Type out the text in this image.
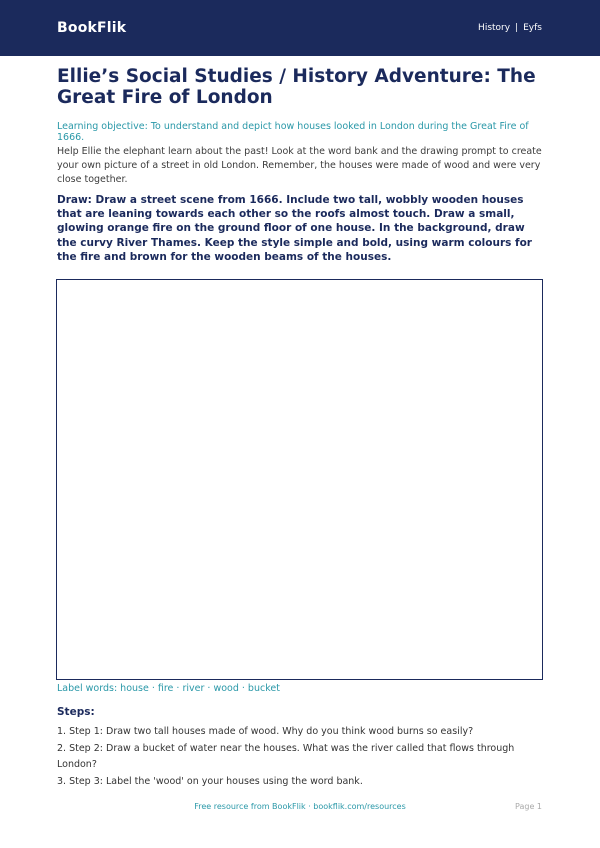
BookFlik	History | Eyfs
Ellie’s Social Studies / History Adventure: The Great Fire of London
Learning objective: To understand and depict how houses looked in London during the Great Fire of 1666.
Help Ellie the elephant learn about the past! Look at the word bank and the drawing prompt to create your own picture of a street in old London. Remember, the houses were made of wood and were very close together.
Draw: Draw a street scene from 1666. Include two tall, wobbly wooden houses that are leaning towards each other so the roofs almost touch. Draw a small, glowing orange fire on the ground floor of one house. In the background, draw the curvy River Thames. Keep the style simple and bold, using warm colours for the fire and brown for the wooden beams of the houses.
Label words: house · fire · river · wood · bucket
Steps:
1. Step 1: Draw two tall houses made of wood. Why do you think wood burns so easily?
2. Step 2: Draw a bucket of water near the houses. What was the river called that flows through London?
3. Step 3: Label the 'wood' on your houses using the word bank.
Free resource from BookFlik · bookflik.com/resources	Page 1
